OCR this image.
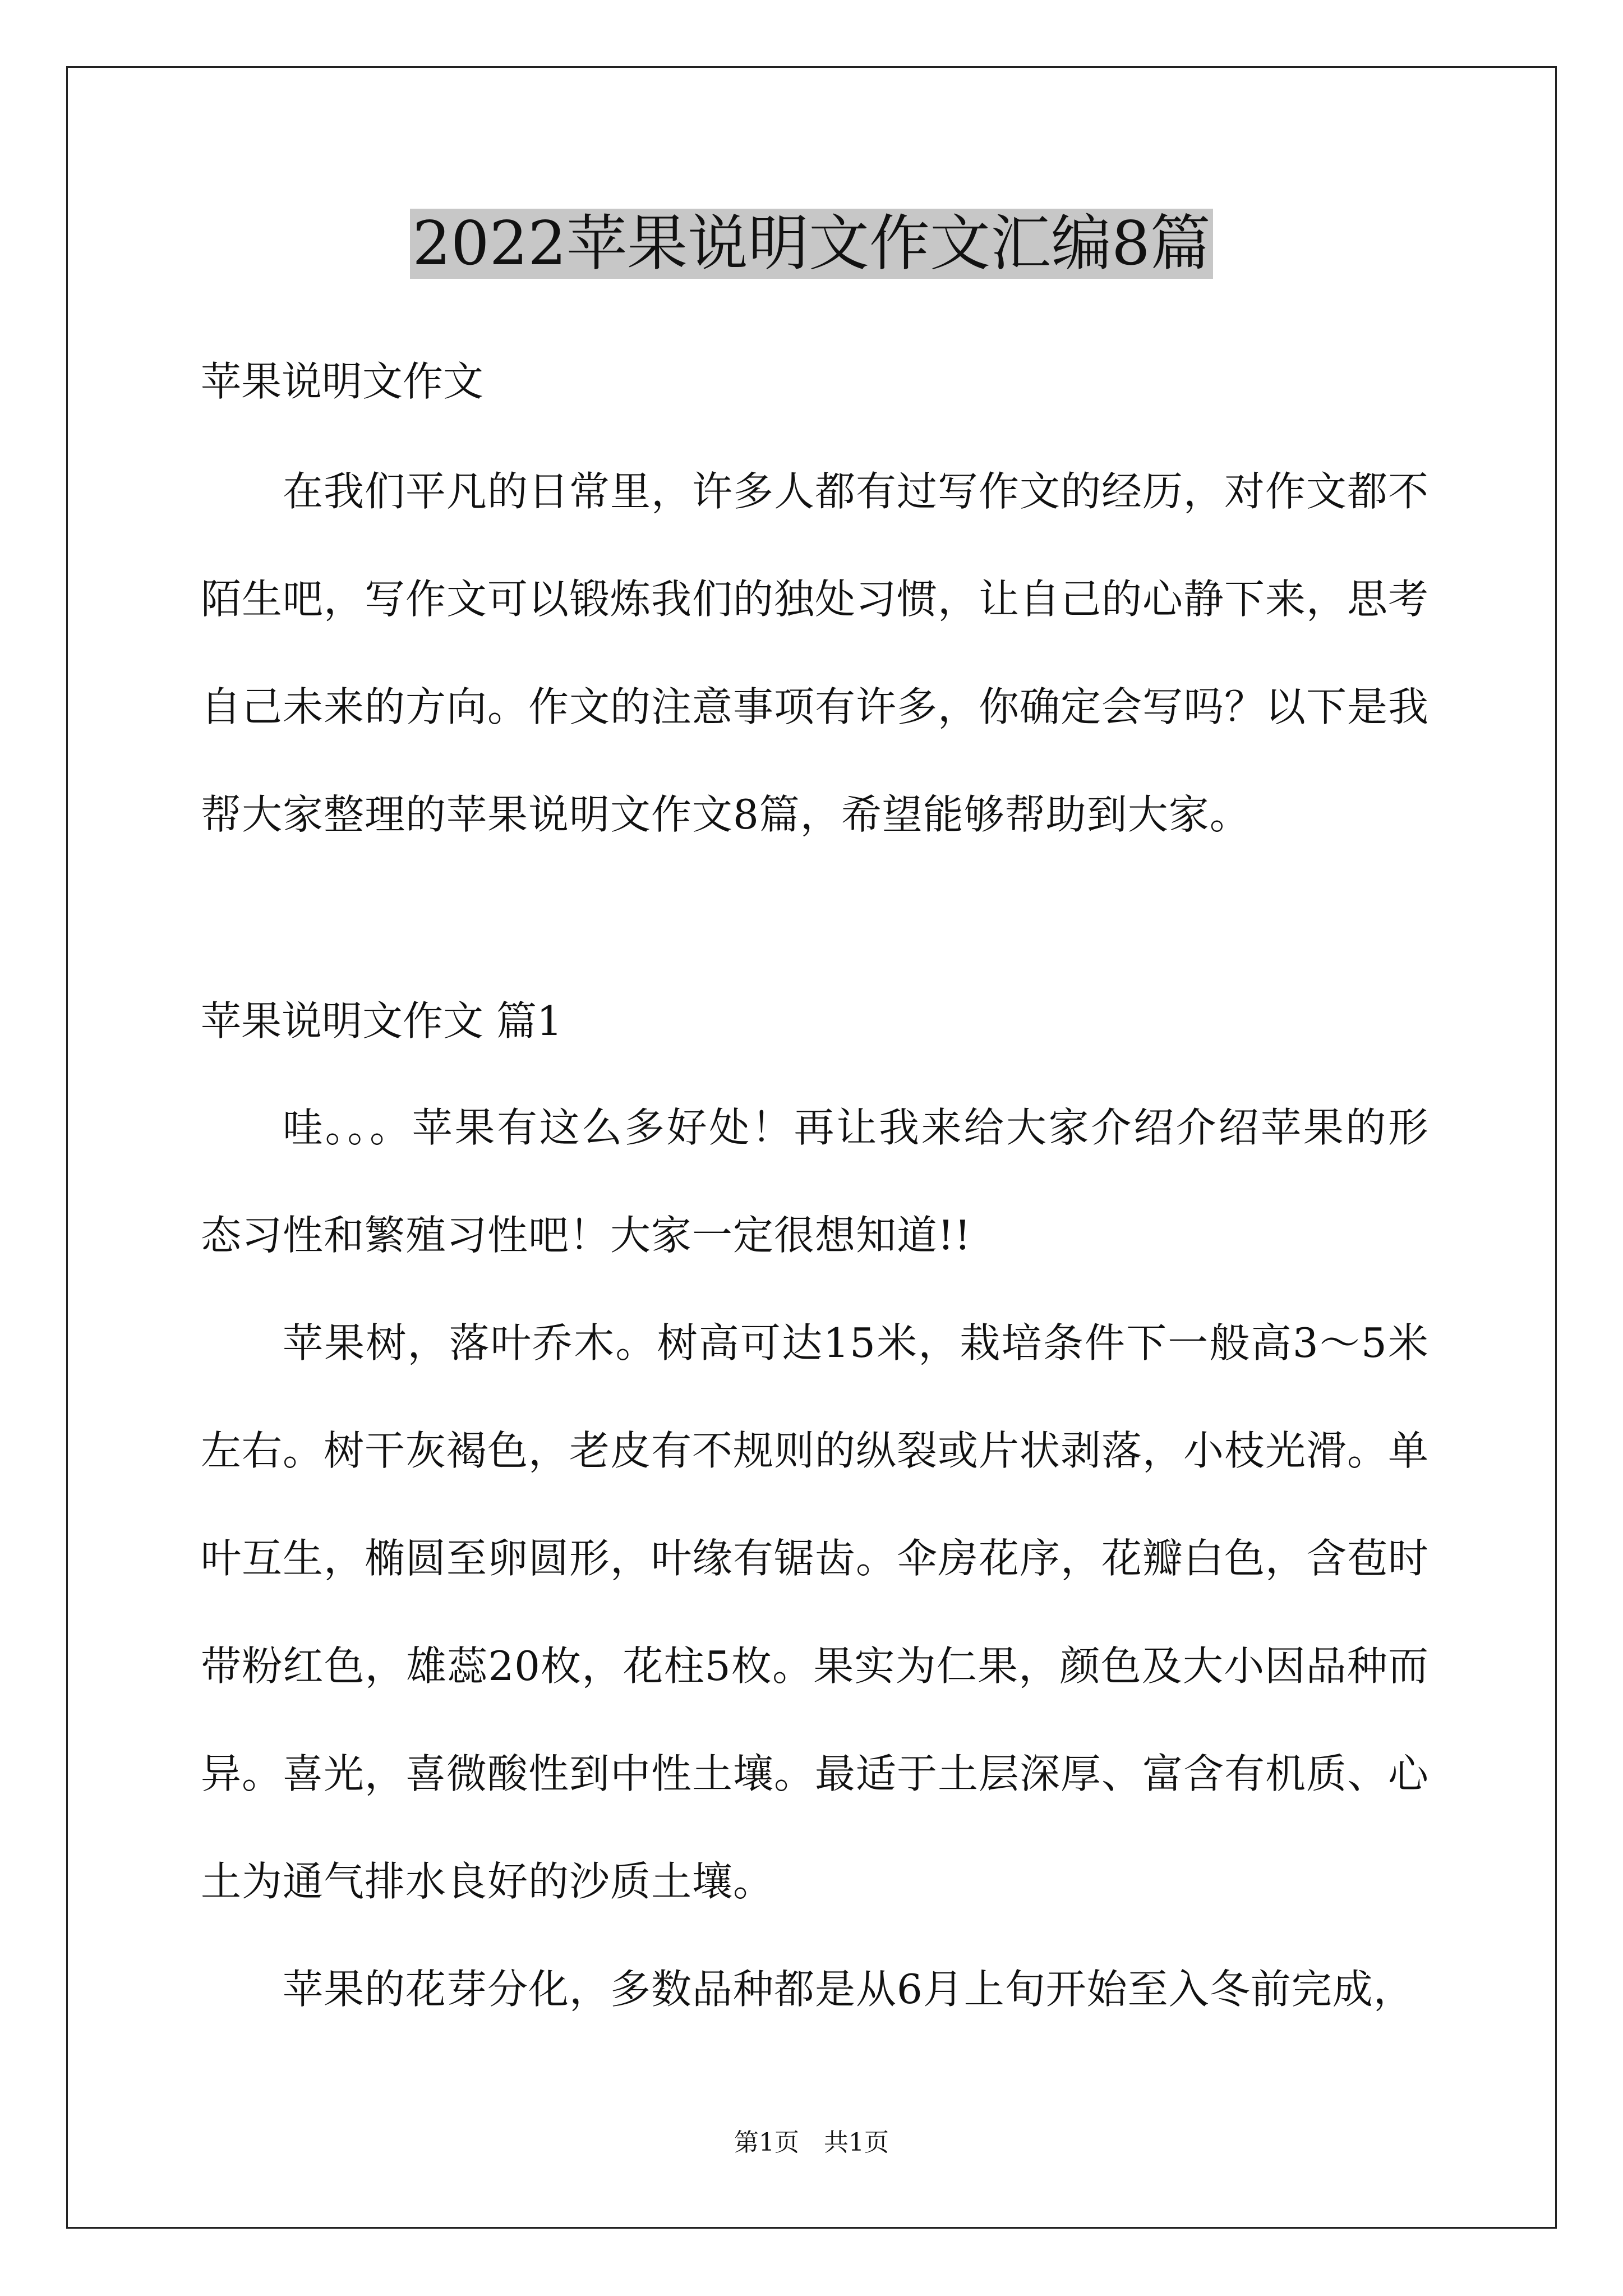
2022苹果说明文作文汇编8篇
苹果说明文作文

在我们平凡的日常里，许多人都有过写作文的经历，对作文都不陌生吧，写作文可以锻炼我们的独处习惯，让自己的心静下来，思考自己未来的方向。作文的注意事项有许多，你确定会写吗？以下是我帮大家整理的苹果说明文作文8篇，希望能够帮助到大家。

苹果说明文作文 篇1

哇。。。苹果有这么多好处！再让我来给大家介绍介绍苹果的形态习性和繁殖习性吧！大家一定很想知道!!

苹果树，落叶乔木。树高可达15米，栽培条件下一般高3～5米左右。树干灰褐色，老皮有不规则的纵裂或片状剥落，小枝光滑。单叶互生，椭圆至卵圆形，叶缘有锯齿。伞房花序，花瓣白色，含苞时带粉红色，雄蕊20枚，花柱5枚。果实为仁果，颜色及大小因品种而异。喜光，喜微酸性到中性土壤。最适于土层深厚、富含有机质、心土为通气排水良好的沙质土壤。

苹果的花芽分化，多数品种都是从6月上旬开始至入冬前完成，

第1页　共1页
